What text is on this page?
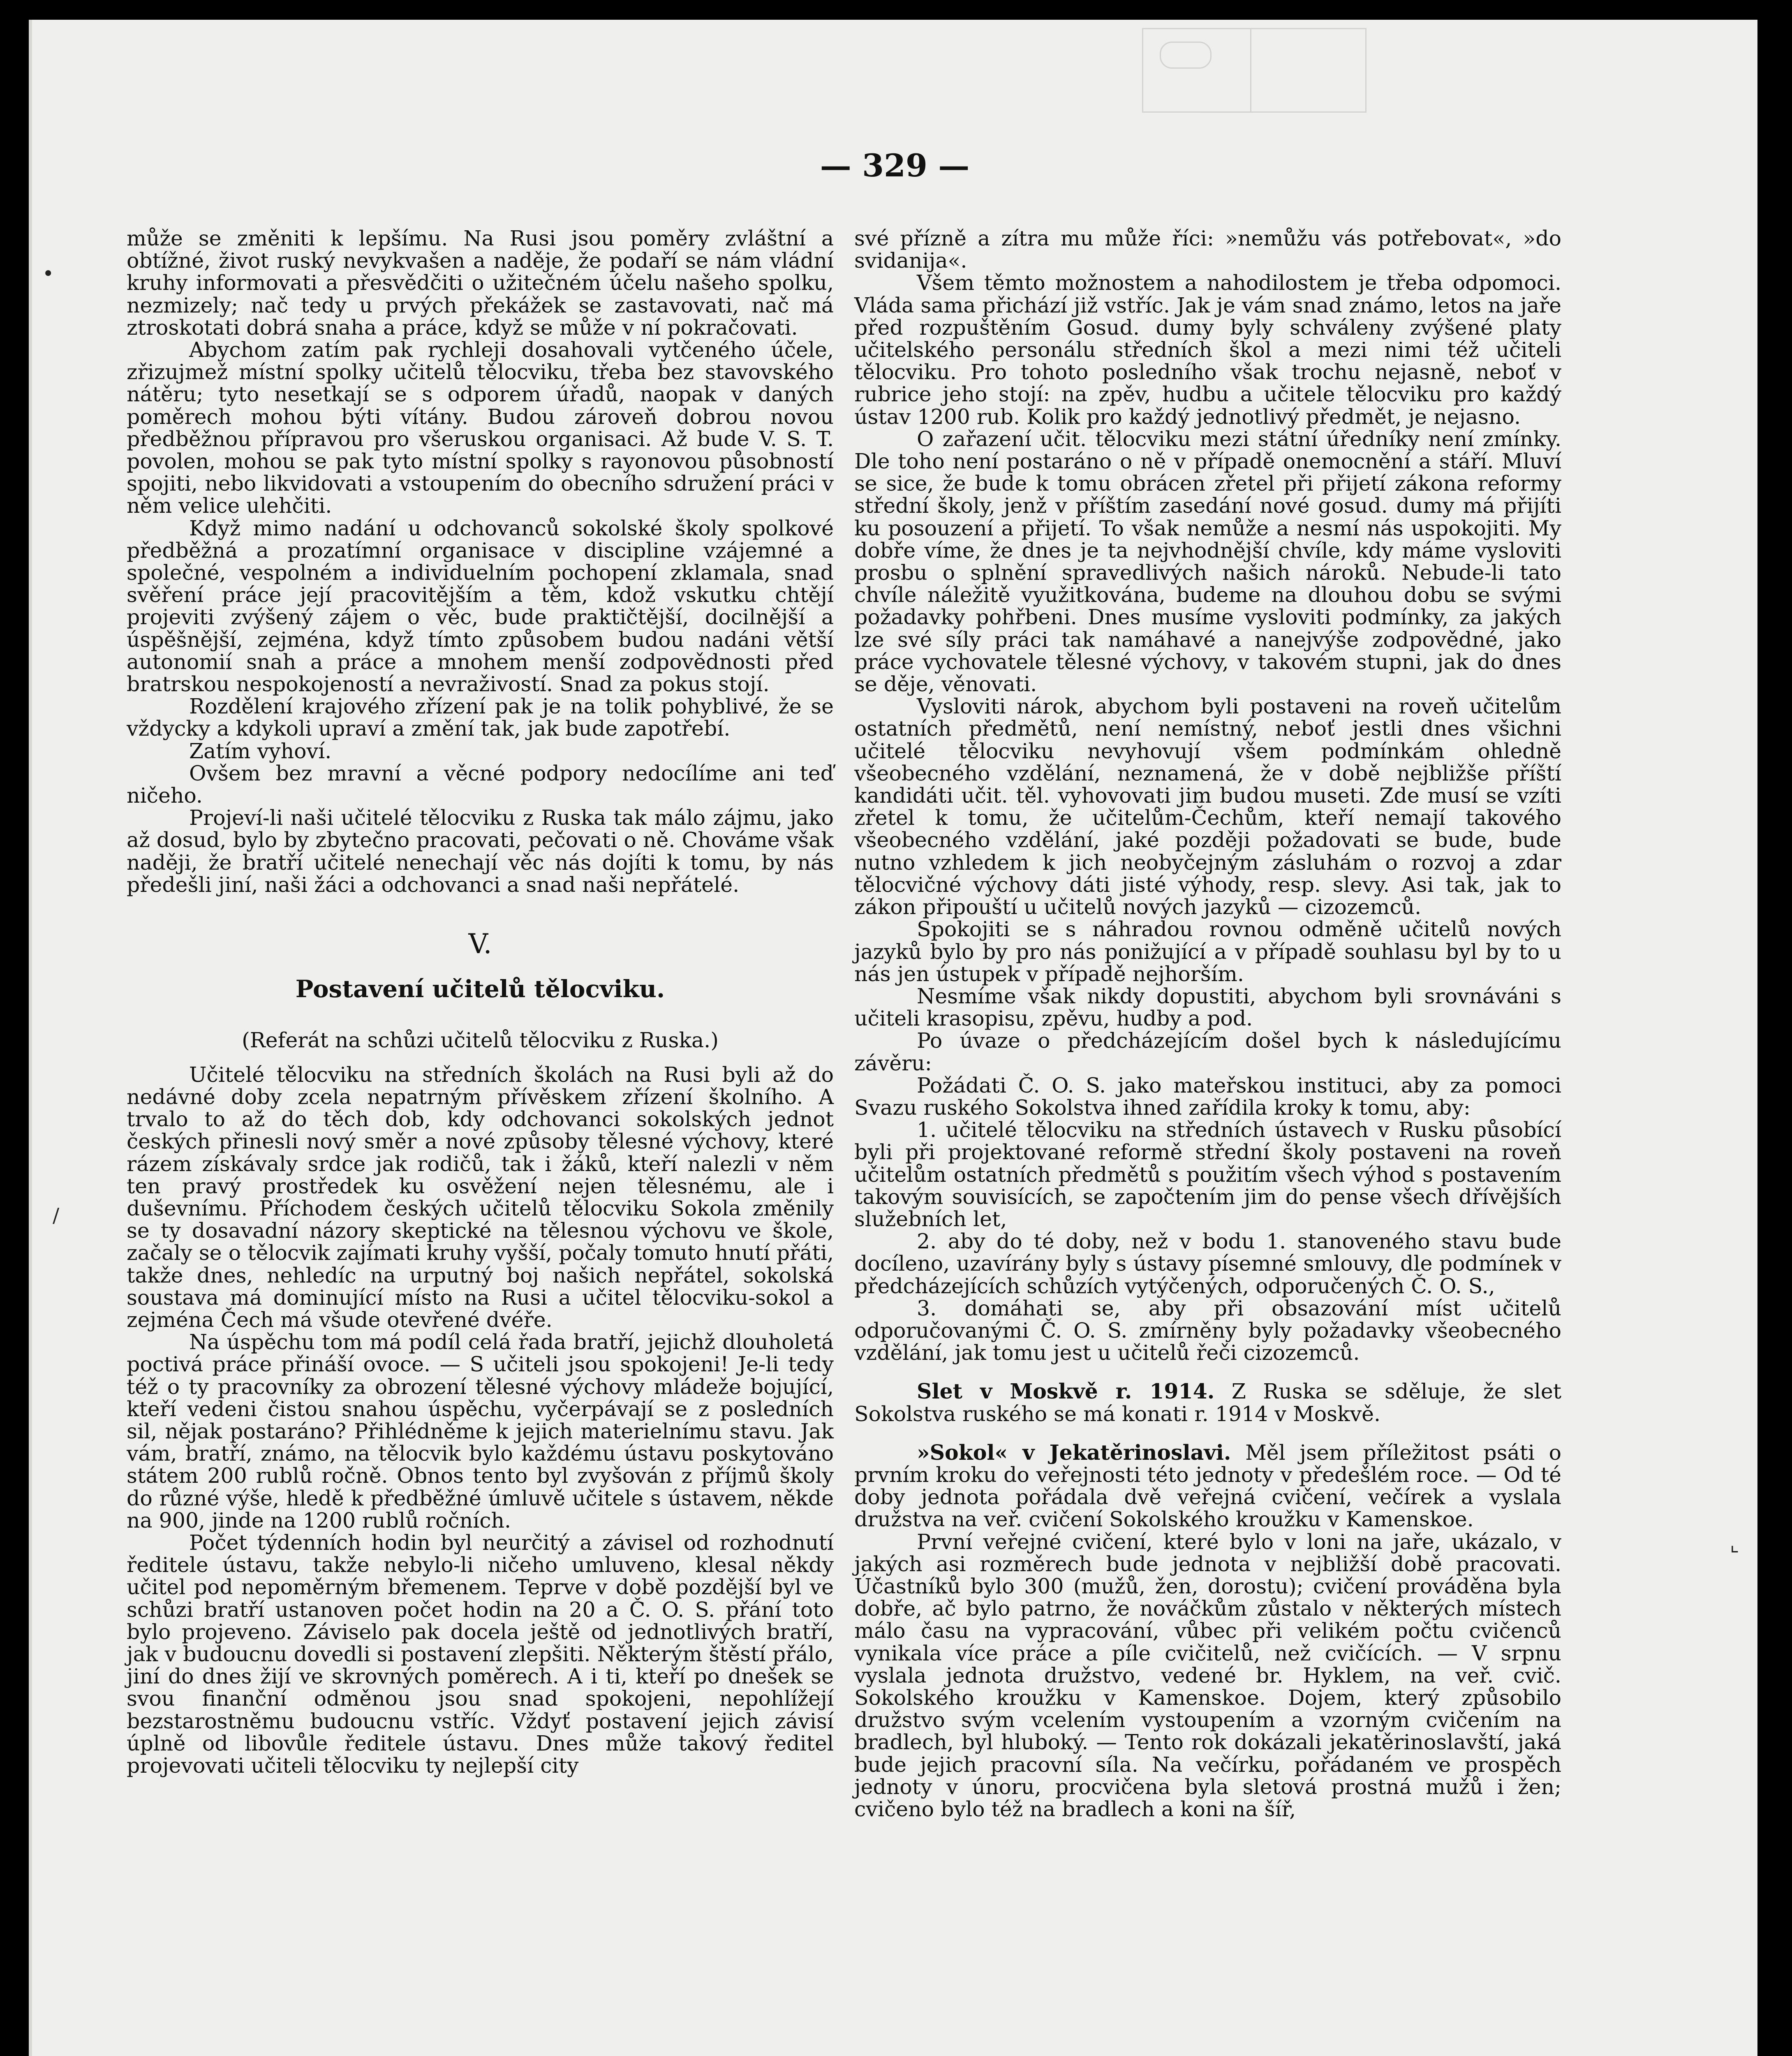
— 329 —

může se změniti k lepšímu. Na Rusi jsou poměry zvláštní a obtížné, život ruský nevykvašen a naděje, že podaří se nám vládní kruhy informovati a přesvědčiti o užitečném účelu našeho spolku, nezmizely; nač tedy u prvých překážek se zastavovati, nač má ztroskotati dobrá snaha a práce, když se může v ní pokračovati.

Abychom zatím pak rychleji dosahovali vytčeného účele, zřizujmež místní spolky učitelů tělocviku, třeba bez stavovského nátěru; tyto nesetkají se s odporem úřadů, naopak v daných poměrech mohou býti vítány. Budou zároveň dobrou novou předběžnou přípravou pro všeruskou organisaci. Až bude V. S. T. povolen, mohou se pak tyto místní spolky s rayonovou působností spojiti, nebo likvidovati a vstoupením do obecního sdružení práci v něm velice ulehčiti.

Když mimo nadání u odchovanců sokolské školy spolkové předběžná a prozatímní organisace v discipline vzájemné a společné, vespolném a individuelním pochopení zklamala, snad svěření práce její pracovitějším a těm, kdož vskutku chtějí projeviti zvýšený zájem o věc, bude praktičtější, docilnější a úspěšnější, zejména, když tímto způsobem budou nadáni větší autonomií snah a práce a mnohem menší zodpovědnosti před bratrskou nespokojeností a nevraživostí. Snad za pokus stojí.

Rozdělení krajového zřízení pak je na tolik pohyblivé, že se vždycky a kdykoli upraví a změní tak, jak bude zapotřebí.

Zatím vyhoví.

Ovšem bez mravní a věcné podpory nedocílíme ani teď ničeho.

Projeví-li naši učitelé tělocviku z Ruska tak málo zájmu, jako až dosud, bylo by zbytečno pracovati, pečovati o ně. Chováme však naději, že bratří učitelé nenechají věc nás dojíti k tomu, by nás předešli jiní, naši žáci a odchovanci a snad naši nepřátelé.

V.
Postavení učitelů tělocviku.
(Referát na schůzi učitelů tělocviku z Ruska.)

Učitelé tělocviku na středních školách na Rusi byli až do nedávné doby zcela nepatrným přívěskem zřízení školního. A trvalo to až do těch dob, kdy odchovanci sokolských jednot českých přinesli nový směr a nové způsoby tělesné výchovy, které rázem získávaly srdce jak rodičů, tak i žáků, kteří nalezli v něm ten pravý prostředek ku osvěžení nejen tělesnému, ale i duševnímu. Příchodem českých učitelů tělocviku Sokola změnily se ty dosavadní názory skeptické na tělesnou výchovu ve škole, začaly se o tělocvik zajímati kruhy vyšší, počaly tomuto hnutí přáti, takže dnes, nehledíc na urputný boj našich nepřátel, sokolská soustava má dominující místo na Rusi a učitel tělocviku-sokol a zejména Čech má všude otevřené dvéře.

Na úspěchu tom má podíl celá řada bratří, jejichž dlouholetá poctivá práce přináší ovoce. — S učiteli jsou spokojeni! Je-li tedy též o ty pracovníky za obrození tělesné výchovy mládeže bojující, kteří vedeni čistou snahou úspěchu, vyčerpávají se z posledních sil, nějak postaráno? Přihlédněme k jejich materielnímu stavu. Jak vám, bratří, známo, na tělocvik bylo každému ústavu poskytováno státem 200 rublů ročně. Obnos tento byl zvyšován z příjmů školy do různé výše, hledě k předběžné úmluvě učitele s ústavem, někde na 900, jinde na 1200 rublů ročních.

Počet týdenních hodin byl neurčitý a závisel od rozhodnutí ředitele ústavu, takže nebylo-li ničeho umluveno, klesal někdy učitel pod nepoměrným břemenem. Teprve v době pozdější byl ve schůzi bratří ustanoven počet hodin na 20 a Č. O. S. přání toto bylo projeveno. Záviselo pak docela ještě od jednotlivých bratří, jak v budoucnu dovedli si postavení zlepšiti. Některým štěstí přálo, jiní do dnes žijí ve skrovných poměrech. A i ti, kteří po dnešek se svou finanční odměnou jsou snad spokojeni, nepohlížejí bezstarostněmu budoucnu vstříc. Vždyť postavení jejich závisí úplně od libovůle ředitele ústavu. Dnes může takový ředitel projevovati učiteli tělocviku ty nejlepší city

své přízně a zítra mu může říci: »nemůžu vás potřebovat«, »do svidanija«.

Všem těmto možnostem a nahodilostem je třeba odpomoci. Vláda sama přichází již vstříc. Jak je vám snad známo, letos na jaře před rozpuštěním Gosud. dumy byly schváleny zvýšené platy učitelského personálu středních škol a mezi nimi též učiteli tělocviku. Pro tohoto posledního však trochu nejasně, neboť v rubrice jeho stojí: na zpěv, hudbu a učitele tělocviku pro každý ústav 1200 rub. Kolik pro každý jednotlivý předmět, je nejasno.

O zařazení učit. tělocviku mezi státní úředníky není zmínky. Dle toho není postaráno o ně v případě onemocnění a stáří. Mluví se sice, že bude k tomu obrácen zřetel při přijetí zákona reformy střední školy, jenž v příštím zasedání nové gosud. dumy má přijíti ku posouzení a přijetí. To však nemůže a nesmí nás uspokojiti. My dobře víme, že dnes je ta nejvhodnější chvíle, kdy máme vysloviti prosbu o splnění spravedlivých našich nároků. Nebude-li tato chvíle náležitě využitkována, budeme na dlouhou dobu se svými požadavky pohřbeni. Dnes musíme vysloviti podmínky, za jakých lze své síly práci tak namáhavé a nanejvýše zodpovědné, jako práce vychovatele tělesné výchovy, v takovém stupni, jak do dnes se děje, věnovati.

Vysloviti nárok, abychom byli postaveni na roveň učitelům ostatních předmětů, není nemístný, neboť jestli dnes všichni učitelé tělocviku nevyhovují všem podmínkám ohledně všeobecného vzdělání, neznamená, že v době nejbližše příští kandidáti učit. těl. vyhovovati jim budou museti. Zde musí se vzíti zřetel k tomu, že učitelům-Čechům, kteří nemají takového všeobecného vzdělání, jaké později požadovati se bude, bude nutno vzhledem k jich neobyčejným zásluhám o rozvoj a zdar tělocvičné výchovy dáti jisté výhody, resp. slevy. Asi tak, jak to zákon připouští u učitelů nových jazyků — cizozemců.

Spokojiti se s náhradou rovnou odměně učitelů nových jazyků bylo by pro nás ponižující a v případě souhlasu byl by to u nás jen ústupek v případě nejhorším.

Nesmíme však nikdy dopustiti, abychom byli srovnáváni s učiteli krasopisu, zpěvu, hudby a pod.

Po úvaze o předcházejícím došel bych k následujícímu závěru:

Požádati Č. O. S. jako mateřskou instituci, aby za pomoci Svazu ruského Sokolstva ihned zařídila kroky k tomu, aby:

1. učitelé tělocviku na středních ústavech v Rusku působící byli při projektované reformě střední školy postaveni na roveň učitelům ostatních předmětů s použitím všech výhod s postavením takovým souvisících, se započtením jim do pense všech dřívějších služebních let,

2. aby do té doby, než v bodu 1. stanoveného stavu bude docíleno, uzavírány byly s ústavy písemné smlouvy, dle podmínek v předcházejících schůzích vytýčených, odporučených Č. O. S.,

3. domáhati se, aby při obsazování míst učitelů odporučovanými Č. O. S. zmírněny byly požadavky všeobecného vzdělání, jak tomu jest u učitelů řeči cizozemců.

Slet v Moskvě r. 1914. Z Ruska se sděluje, že slet Sokolstva ruského se má konati r. 1914 v Moskvě.

»Sokol« v Jekatěrinoslavi. Měl jsem příležitost psáti o prvním kroku do veřejnosti této jednoty v předešlém roce. — Od té doby jednota pořádala dvě veřejná cvičení, večírek a vyslala družstva na veř. cvičení Sokolského kroužku v Kamenskoe.

První veřejné cvičení, které bylo v loni na jaře, ukázalo, v jakých asi rozměrech bude jednota v nejbližší době pracovati. Účastníků bylo 300 (mužů, žen, dorostu); cvičení prováděna byla dobře, ač bylo patrno, že nováčkům zůstalo v některých místech málo času na vypracování, vůbec při velikém počtu cvičenců vynikala více práce a píle cvičitelů, než cvičících. — V srpnu vyslala jednota družstvo, vedené br. Hyklem, na veř. cvič. Sokolského kroužku v Kamenskoe. Dojem, který způsobilo družstvo svým vcelením vystoupením a vzorným cvičením na bradlech, byl hluboký. — Tento rok dokázali jekatěrinoslavští, jaká bude jejich pracovní síla. Na večírku, pořádaném ve prospěch jednoty v únoru, procvičena byla sletová prostná mužů i žen; cvičeno bylo též na bradlech a koni na šíř,

•
/
⌞
